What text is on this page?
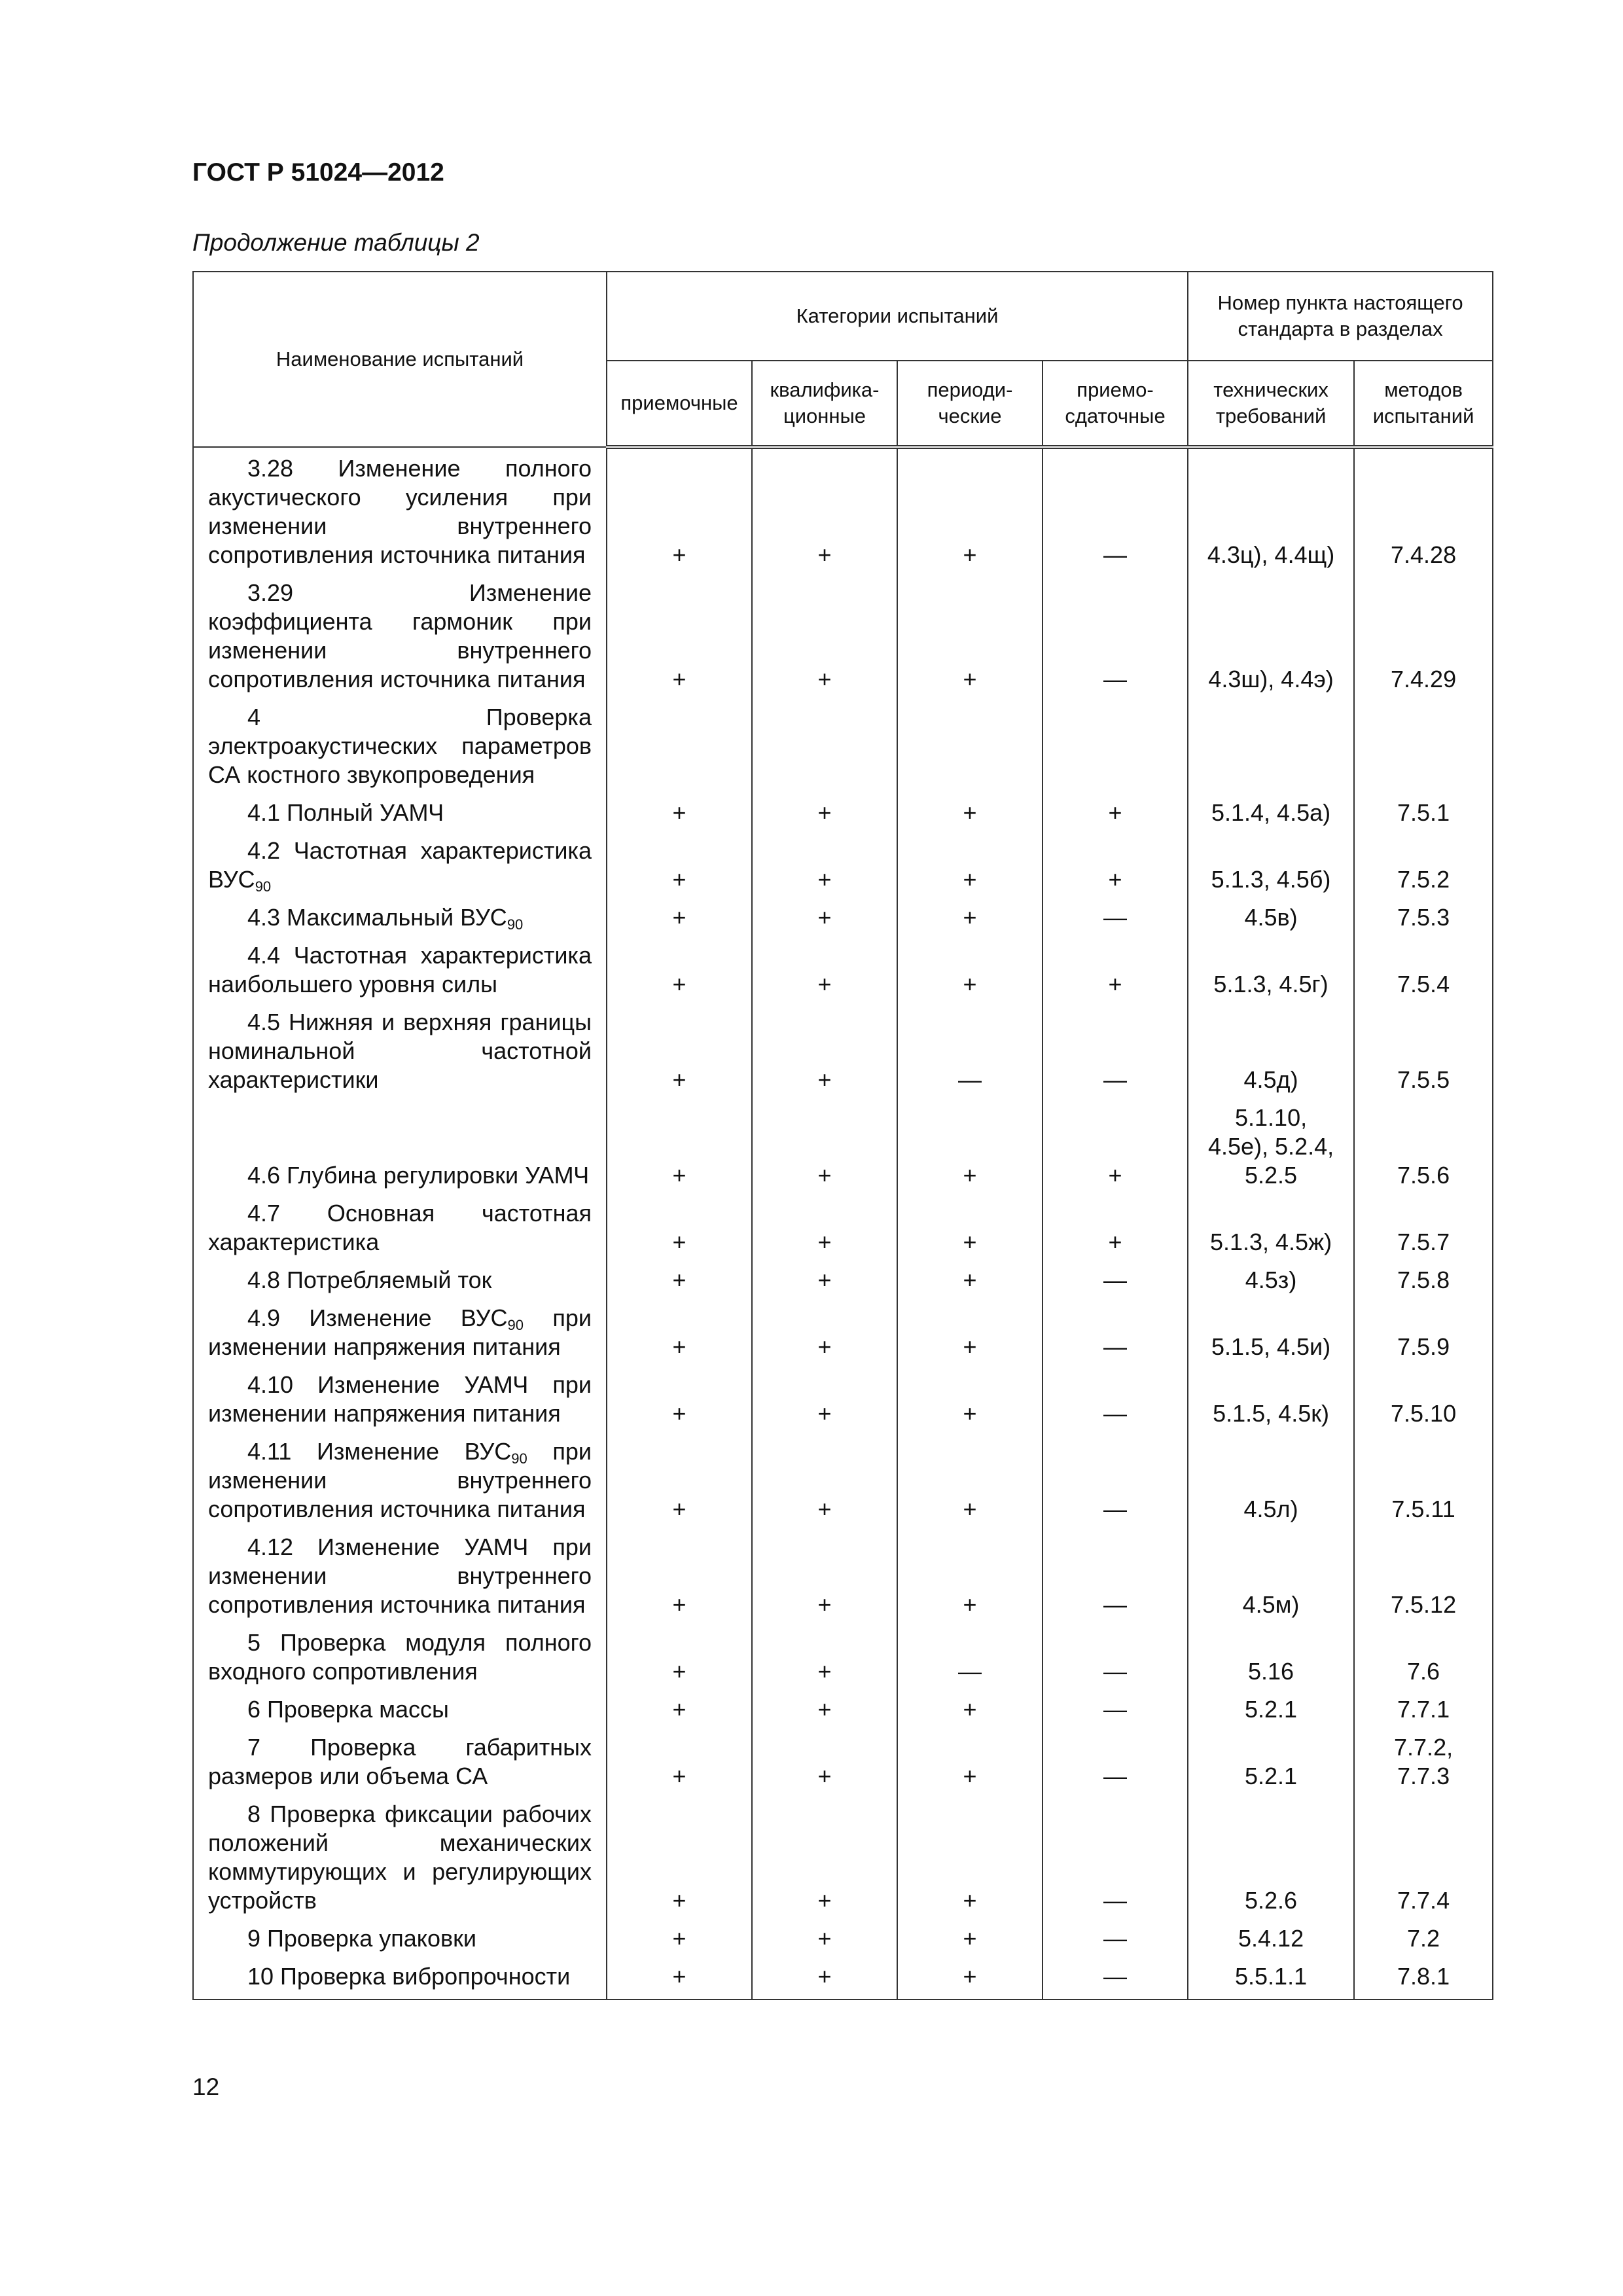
ГОСТ Р 51024—2012
Продолжение таблицы 2
Наименование испытаний	Категории испытаний				Номер пункта настоящего стандарта в разделах	
	приемочные	квалифика-ционные	периоди-ческие	приемо-сдаточные	технических требований	методов испытаний
3.28 Изменение полного акустического усиления при изменении внутреннего сопротивления источника питания	+	+	+	—	4.3ц), 4.4щ)	7.4.28
3.29 Изменение коэффициента гармоник при изменении внутреннего сопротивления источника питания	+	+	+	—	4.3ш), 4.4э)	7.4.29
4 Проверка электроакустических параметров СА костного звукопроведения						
4.1 Полный УАМЧ	+	+	+	+	5.1.4, 4.5а)	7.5.1
4.2 Частотная характеристика $ВУС_{90}$	+	+	+	+	5.1.3, 4.5б)	7.5.2
4.3 Максимальный $ВУС_{90}$	+	+	+	—	4.5в)	7.5.3
4.4 Частотная характеристика наибольшего уровня силы	+	+	+	+	5.1.3, 4.5г)	7.5.4
4.5 Нижняя и верхняя границы номинальной частотной характеристики	+	+	—	—	4.5д)	7.5.5
4.6 Глубина регулировки УАМЧ	+	+	+	+	5.1.10, 4.5е), 5.2.4, 5.2.5	7.5.6
4.7 Основная частотная характеристика	+	+	+	+	5.1.3, 4.5ж)	7.5.7
4.8 Потребляемый ток	+	+	+	—	4.5з)	7.5.8
4.9 Изменение $ВУС_{90}$ при изменении напряжения питания	+	+	+	—	5.1.5, 4.5и)	7.5.9
4.10 Изменение УАМЧ при изменении напряжения питания	+	+	+	—	5.1.5, 4.5к)	7.5.10
4.11 Изменение $ВУС_{90}$ при изменении внутреннего сопротивления источника питания	+	+	+	—	4.5л)	7.5.11
4.12 Изменение УАМЧ при изменении внутреннего сопротивления источника питания	+	+	+	—	4.5м)	7.5.12
5 Проверка модуля полного входного сопротивления	+	+	—	—	5.16	7.6
6 Проверка массы	+	+	+	—	5.2.1	7.7.1
7 Проверка габаритных размеров или объема СА	+	+	+	—	5.2.1	7.7.2, 7.7.3
8 Проверка фиксации рабочих положений механических коммутирующих и регулирующих устройств	+	+	+	—	5.2.6	7.7.4
9 Проверка упаковки	+	+	+	—	5.4.12	7.2
10 Проверка вибропрочности	+	+	+	—	5.5.1.1	7.8.1
12
